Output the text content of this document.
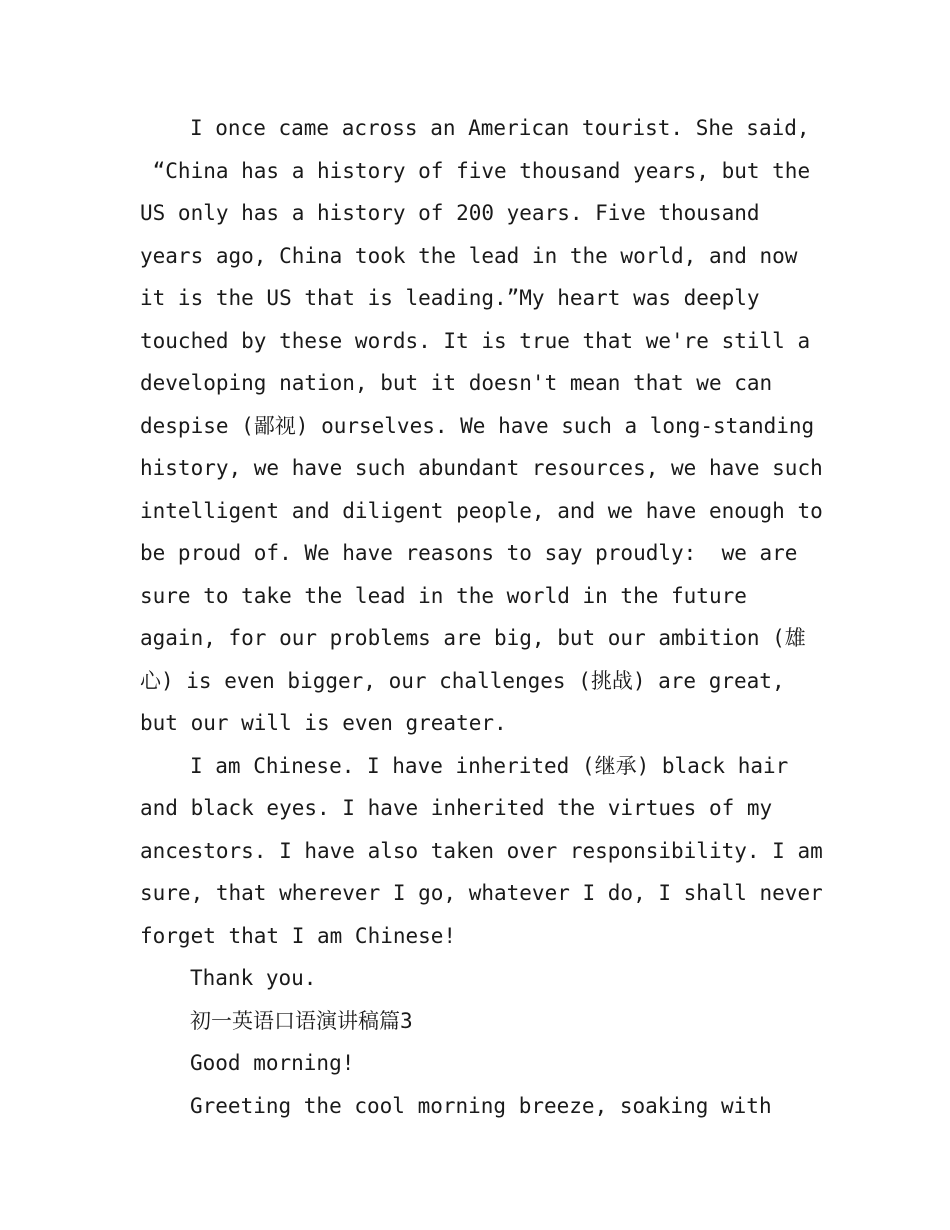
I once came across an American tourist. She said,
“China has a history of five thousand years, but the
US only has a history of 200 years. Five thousand
years ago, China took the lead in the world, and now
it is the US that is leading.”My heart was deeply
touched by these words. It is true that we're still a
developing nation, but it doesn't mean that we can
despise (鄙视) ourselves. We have such a long-standing
history, we have such abundant resources, we have such
intelligent and diligent people, and we have enough to
be proud of. We have reasons to say proudly:  we are
sure to take the lead in the world in the future
again, for our problems are big, but our ambition (雄
心) is even bigger, our challenges (挑战) are great,
but our will is even greater.
I am Chinese. I have inherited (继承) black hair
and black eyes. I have inherited the virtues of my
ancestors. I have also taken over responsibility. I am
sure, that wherever I go, whatever I do, I shall never
forget that I am Chinese!
Thank you.
初一英语口语演讲稿篇3
Good morning!
Greeting the cool morning breeze, soaking with
